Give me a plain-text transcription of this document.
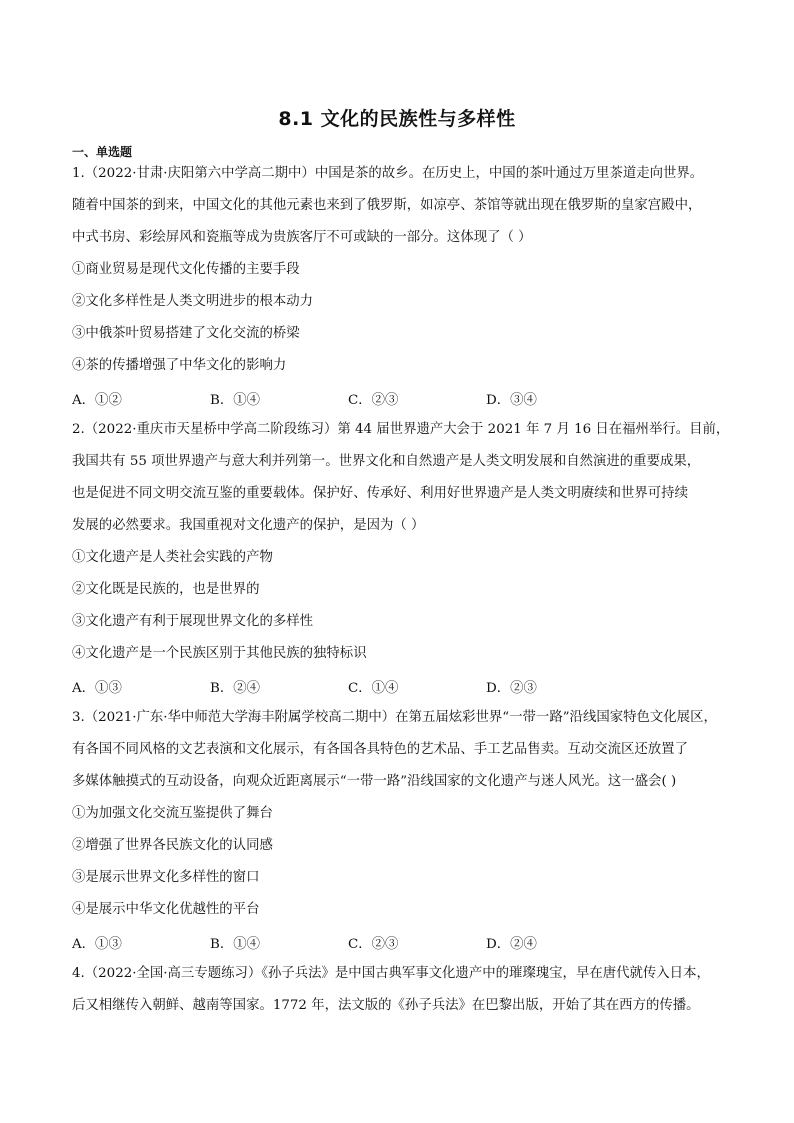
8.1 文化的民族性与多样性
一、单选题
1.（2022·甘肃·庆阳第六中学高二期中）中国是茶的故乡。在历史上，中国的茶叶通过万里茶道走向世界。
随着中国茶的到来，中国文化的其他元素也来到了俄罗斯，如凉亭、茶馆等就出现在俄罗斯的皇家宫殿中，
中式书房、彩绘屏风和瓷瓶等成为贵族客厅不可或缺的一部分。这体现了（ ）
①商业贸易是现代文化传播的主要手段
②文化多样性是人类文明进步的根本动力
③中俄茶叶贸易搭建了文化交流的桥梁
④茶的传播增强了中华文化的影响力
A．①②	B．①④	C．②③	D．③④
2.（2022·重庆市天星桥中学高二阶段练习）第 44 届世界遗产大会于 2021 年 7 月 16 日在福州举行。目前，
我国共有 55 项世界遗产与意大利并列第一。世界文化和自然遗产是人类文明发展和自然演进的重要成果，
也是促进不同文明交流互鉴的重要载体。保护好、传承好、利用好世界遗产是人类文明赓续和世界可持续
发展的必然要求。我国重视对文化遗产的保护，是因为（ ）
①文化遗产是人类社会实践的产物
②文化既是民族的，也是世界的
③文化遗产有利于展现世界文化的多样性
④文化遗产是一个民族区别于其他民族的独特标识
A．①③	B．②④	C．①④	D．②③
3.（2021·广东·华中师范大学海丰附属学校高二期中）在第五届炫彩世界“一带一路”沿线国家特色文化展区，
有各国不同风格的文艺表演和文化展示，有各国各具特色的艺术品、手工艺品售卖。互动交流区还放置了
多媒体触摸式的互动设备，向观众近距离展示“一带一路”沿线国家的文化遗产与迷人风光。这一盛会( )
①为加强文化交流互鉴提供了舞台
②增强了世界各民族文化的认同感
③是展示世界文化多样性的窗口
④是展示中华文化优越性的平台
A．①③	B．①④	C．②③	D．②④
4.（2022·全国·高三专题练习）《孙子兵法》是中国古典军事文化遗产中的璀璨瑰宝，早在唐代就传入日本，
后又相继传入朝鲜、越南等国家。1772 年，法文版的《孙子兵法》在巴黎出版，开始了其在西方的传播。
